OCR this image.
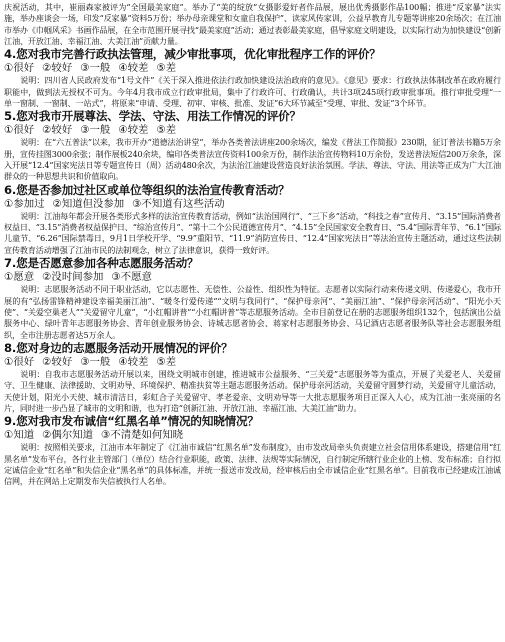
庆祝活动，其中，崔丽森家被评为“全国最美家庭”。举办了“美的绽放”女摄影爱好者作品展，展出优秀摄影作品100幅；推进“反家暴”法实施，举办座谈会一场，印发“反家暴”资料5万份；举办母亲课堂和女童自我保护”、读家风传家训，公益早教育儿专题等讲座20余场次；在江油市举办《巾帼风采》书画作品展，在全市范围开展寻找“最美家庭”活动；通过表彰最美家庭，倡导家庭文明建设，以实际行动为加快建设“创新江油、开放江油、幸福江油、大美江油”贡献力量。

4.您对我市完善行政执法管理，减少审批事项，优化审批程序工作的评价？

①很好 ②较好 ③一般 ④较差 ⑤差

说明：四川省人民政府发布“1号文件”《关于深入推进依法行政加快建设法治政府的意见》。《意见》要求：行政执法体制改革在政府履行职能中，做到法无授权不可为。今年4月我市成立行政审批局，集中了行政许可、行政确认，共计3项245项行政审批事项。推行审批受理“一单一窗制、一窗制、一站式”，将原来“申请、受理、初审、审核、批准、发证”6大环节减至“受理、审批、发证”3个环节。

5.您对我市开展尊法、学法、守法、用法工作情况的评价？

①很好 ②较好 ③一般 ④较差 ⑤差

说明：在“六五普法”以来，我市开办“道德法治讲堂”，举办各类普法讲座200余场次，编发《普法工作简报》230期，征订普法书籍5万余册，宣传挂图3000余张；制作展板240余块，编印各类普法宣传资料100余万份，制作法治宣传物料10万余份，发送普法短信200万余条，深入开展“12.4”国家宪法日等专题宣传日（周）活动480余次，为法治江油建设营造良好法治氛围。学法、尊法、守法、用法等正成为广大江油群众的一种思想共识和价值取向。

6.您是否参加过社区或单位等组织的法治宣传教育活动？

①参加过 ②知道但没参加 ③不知道有这些活动

说明：江油每年都会开展各类形式多样的法治宣传教育活动，例如“法治国网行”、“三下乡”活动，“科技之春”宣传月、“3.15”国际消费者权益日、“3.15”消费者权益保护日、“综治宣传月”、“第十二个公民道德宣传月”、“4.15”全民国家安全教育日、“5.4”国际青年节、“6.1”国际儿童节、“6.26”国际禁毒日，9月1日学校开学、“9.9”重阳节、“11.9”消防宣传日、“12.4”国家宪法日”等法治宣传主题活动，通过这些法制宣传教育活动增强了江油市民的法制观念，树立了法律意识，获得一致好评。

7.您是否愿意参加各种志愿服务活动？

①愿意 ②没时间参加 ③不愿意

说明：志愿服务活动不同于职业活动，它以志愿性、无偿性、公益性、组织性为特征。志愿者以实际行动来传递文明、传递爱心，我市开展的有“弘扬雷锋精神建设幸福美丽江油”、“暖冬行爱传递”“文明与我同行”、“保护母亲河”、“美丽江油”、“保护母亲河活动”、“阳光小天使”、“关爱空巢老人”“关爱留守儿童”，“小红帽讲普”“小红帽讲普”等志愿服务活动。全市目前登记在册的志愿服务组织132个，包括演出公益服务中心、绿叶青年志愿服务协会、青年创业服务协会、诗城志愿者协会、蒋家村志愿服务协会、马记酒店志愿者服务队等社会志愿服务组织，全市注册志愿者达5万余人。

8.您对身边的志愿服务活动开展情况的评价？

①很好 ②较好 ③一般 ④较差 ⑤差

说明：自我市志愿服务活动开展以来，围绕文明城市创建，推进城市公益服务、“三关爱”志愿服务等为重点，开展了关爱老人、关爱留守、卫生健康、法律援助、文明劝导、环境保护、精准扶贫等主题志愿服务活动。保护母亲河活动，关爱留守圆梦行动，关爱留守儿童活动，天使计划，阳光小天使、城市清洁日，彩虹合子关爱留守、孝老爱亲、文明劝导等一大批志愿服务项目正深入人心，成为江油一张亮丽的名片，同时进一步凸显了城市的文明和谐，也为打造“创新江油、开放江油、幸福江油、大美江油”助力。

9.您对我市发布诚信“红黑名单”情况的知晓情况？

①知道 ②偶尔知道 ③不清楚如何知晓

说明：按照相关要求，江油市本年制定了《江油市诚信“红黑名单”发布制度》，由市发改局牵头负责建立社会信用体系建设，搭建信用“红黑名单”发布平台，各行业主管部门（单位）结合行业职能，政策、法律、法规等实际情况，自行制定所辖行业企业的上榜、发布标准；自行拟定诚信企业“红名单”和失信企业“黑名单”的具体标准，并统一报送市发改局，经审核后由全市诚信企业“红黑名单”。目前我市已经建成江油诚信网，并在网站上定期发布失信被执行人名单。
